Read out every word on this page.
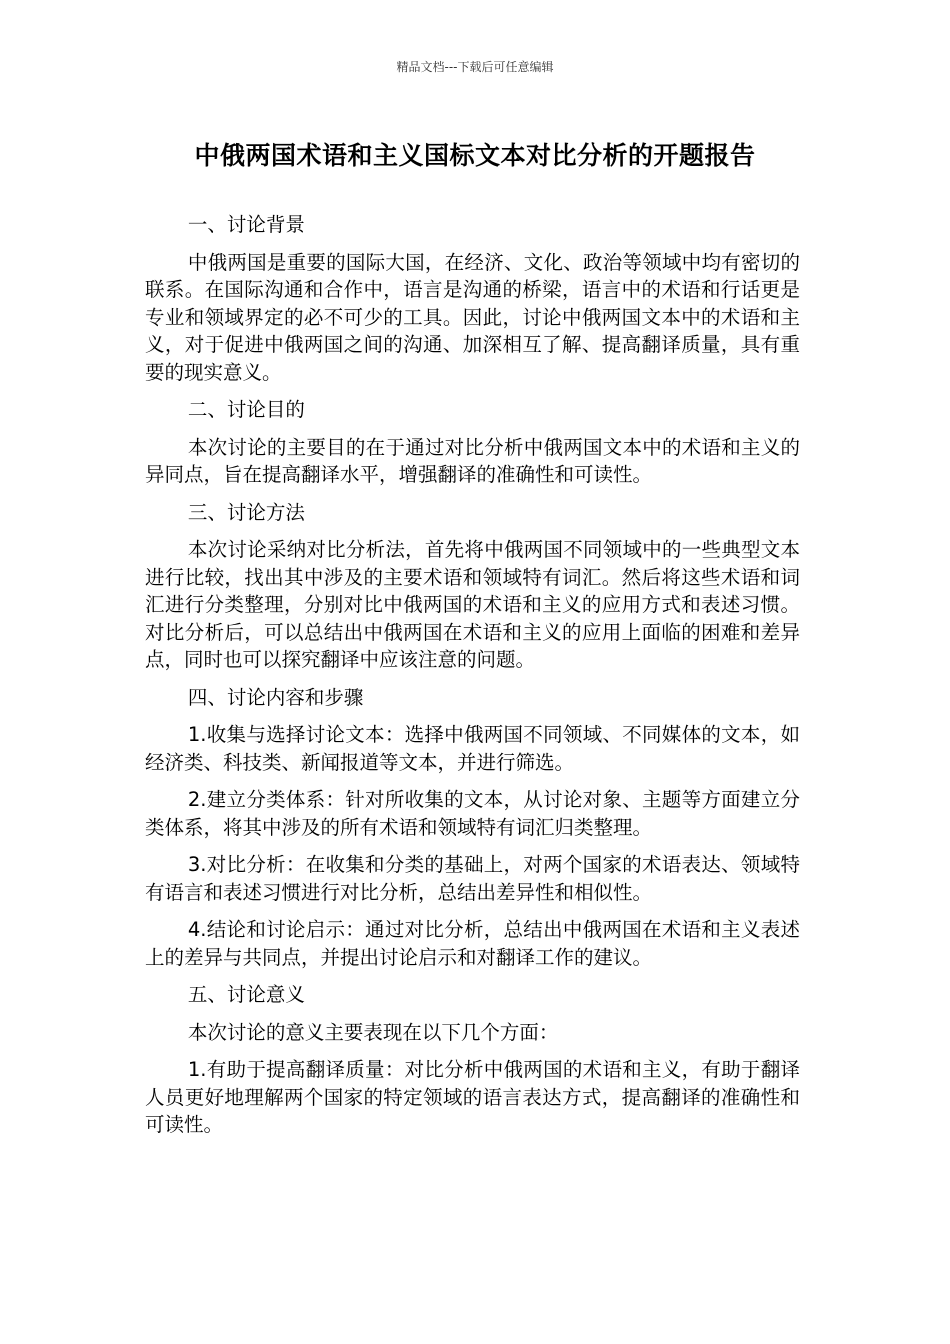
精品文档---下载后可任意编辑
中俄两国术语和主义国标文本对比分析的开题报告

一、讨论背景

中俄两国是重要的国际大国，在经济、文化、政治等领域中均有密切的联系。在国际沟通和合作中，语言是沟通的桥梁，语言中的术语和行话更是专业和领域界定的必不可少的工具。因此，讨论中俄两国文本中的术语和主义，对于促进中俄两国之间的沟通、加深相互了解、提高翻译质量，具有重要的现实意义。

二、讨论目的

本次讨论的主要目的在于通过对比分析中俄两国文本中的术语和主义的异同点，旨在提高翻译水平，增强翻译的准确性和可读性。

三、讨论方法

本次讨论采纳对比分析法，首先将中俄两国不同领域中的一些典型文本进行比较，找出其中涉及的主要术语和领域特有词汇。然后将这些术语和词汇进行分类整理，分别对比中俄两国的术语和主义的应用方式和表述习惯。对比分析后，可以总结出中俄两国在术语和主义的应用上面临的困难和差异点，同时也可以探究翻译中应该注意的问题。

四、讨论内容和步骤

1.收集与选择讨论文本：选择中俄两国不同领域、不同媒体的文本，如经济类、科技类、新闻报道等文本，并进行筛选。

2.建立分类体系：针对所收集的文本，从讨论对象、主题等方面建立分类体系，将其中涉及的所有术语和领域特有词汇归类整理。

3.对比分析：在收集和分类的基础上，对两个国家的术语表达、领域特有语言和表述习惯进行对比分析，总结出差异性和相似性。

4.结论和讨论启示：通过对比分析，总结出中俄两国在术语和主义表述上的差异与共同点，并提出讨论启示和对翻译工作的建议。

五、讨论意义

本次讨论的意义主要表现在以下几个方面：

1.有助于提高翻译质量：对比分析中俄两国的术语和主义，有助于翻译人员更好地理解两个国家的特定领域的语言表达方式，提高翻译的准确性和可读性。
